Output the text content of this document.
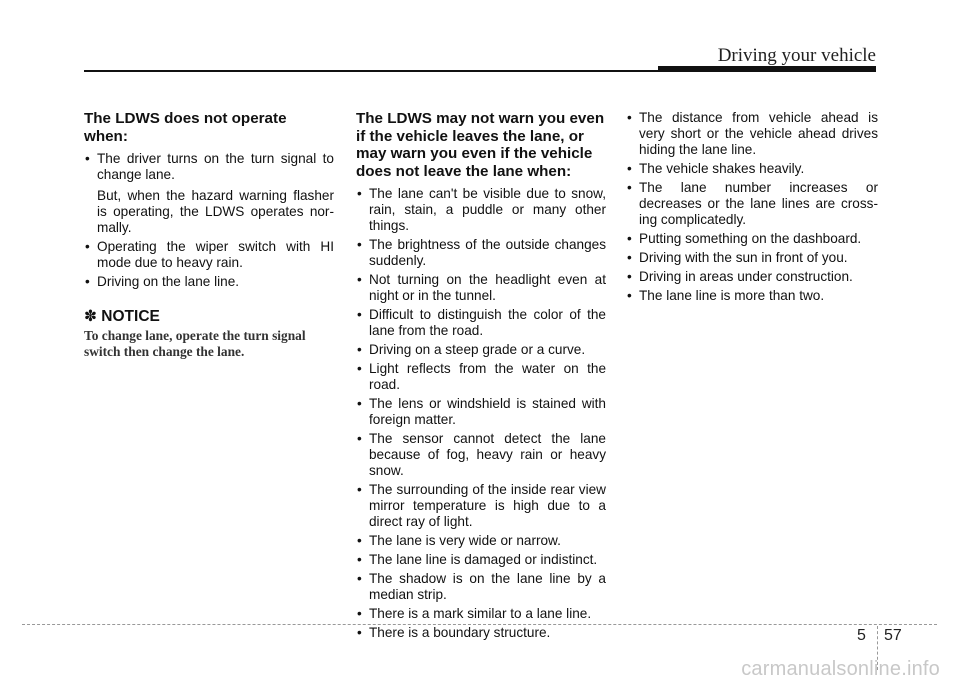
Driving your vehicle
The LDWS does not operate when:
• The driver turns on the turn signal to change lane.

But, when the hazard warning flasher is operating, the LDWS operates nor-mally.

• Operating the wiper switch with HI mode due to heavy rain.

• Driving on the lane line.

✽ NOTICE
To change lane, operate the turn signal switch then change the lane.
The LDWS may not warn you even if the vehicle leaves the lane, or may warn you even if the vehicle does not leave the lane when:
• The lane can't be visible due to snow, rain, stain, a puddle or many other things.

• The brightness of the outside changes suddenly.

• Not turning on the headlight even at night or in the tunnel.

• Difficult to distinguish the color of the lane from the road.

• Driving on a steep grade or a curve.

• Light reflects from the water on the road.

• The lens or windshield is stained with foreign matter.

• The sensor cannot detect the lane because of fog, heavy rain or heavy snow.

• The surrounding of the inside rear view mirror temperature is high due to a direct ray of light.

• The lane is very wide or narrow.

• The lane line is damaged or indistinct.

• The shadow is on the lane line by a median strip.

• There is a mark similar to a lane line.

• There is a boundary structure.

• The distance from vehicle ahead is very short or the vehicle ahead drives hiding the lane line.

• The vehicle shakes heavily.

• The lane number increases or decreases or the lane lines are cross-ing complicatedly.

• Putting something on the dashboard.

• Driving with the sun in front of you.

• Driving in areas under construction.

• The lane line is more than two.

5 57
carmanualsonline.info
